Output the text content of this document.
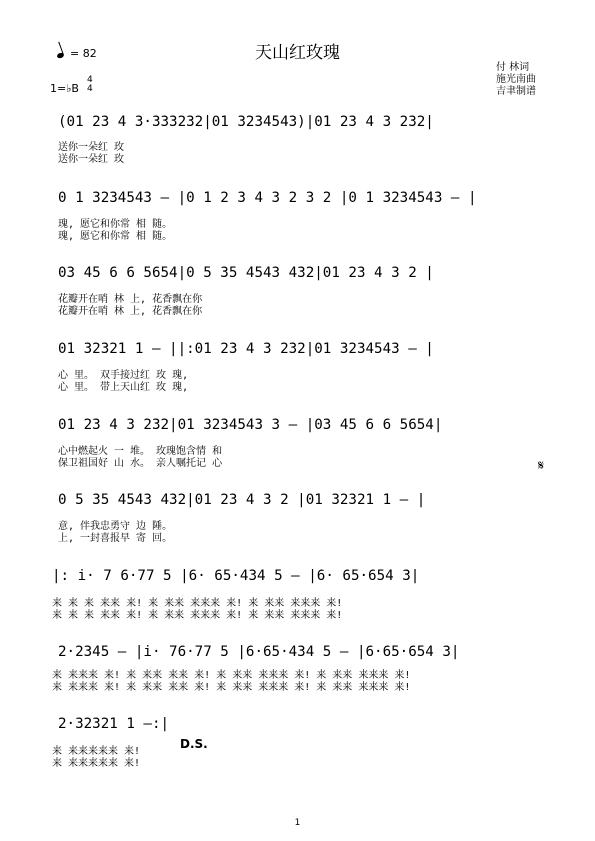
天山红玫瑰
= 82
1=♭B
4
4
付 林词
施光南曲
吉聿制谱
(01 23 4 3·333232|01 3234543)|01 23 4 3 232|
送你一朵红 玫
送你一朵红 玫
0 1 3234543 – |0 1 2 3 4 3 2 3 2 |0 1 3234543 – |
瑰, 愿它和你常 相 随。
瑰, 愿它和你常 相 随。
03 45 6 6 5654|0 5 35 4543 432|01 23 4 3 2 |
花瓣开在哨 林 上, 花香飘在你
花瓣开在哨 林 上, 花香飘在你
01 32321 1 – ||:01 23 4 3 232|01 3234543 – |
心 里。 双手接过红 玫 瑰,
心 里。 带上天山红 玫 瑰,
01 23 4 3 232|01 3234543 3 – |03 45 6 6 5654|
心中燃起火 一 堆。 玫瑰饱含情 和
保卫祖国好 山 水。 亲人嘱托记 心	𝄋
0 5 35 4543 432|01 23 4 3 2 |01 32321 1 – |
意, 伴我忠勇守 边 陲。
上, 一封喜报早 寄 回。
|: i· 7 6·77 5 |6· 65·434 5 – |6· 65·654 3|
来 来 来 来来 来! 来 来来 来来来 来! 来 来来 来来来 来!
来 来 来 来来 来! 来 来来 来来来 来! 来 来来 来来来 来!
2·2345 – |i· 76·77 5 |6·65·434 5 – |6·65·654 3|
来 来来来 来! 来 来来 来来 来! 来 来来 来来来 来! 来 来来 来来来 来!
来 来来来 来! 来 来来 来来 来! 来 来来 来来来 来! 来 来来 来来来 来!
2·32321 1 –:|
来 来来来来来 来!
来 来来来来来 来!
D.S.
1
